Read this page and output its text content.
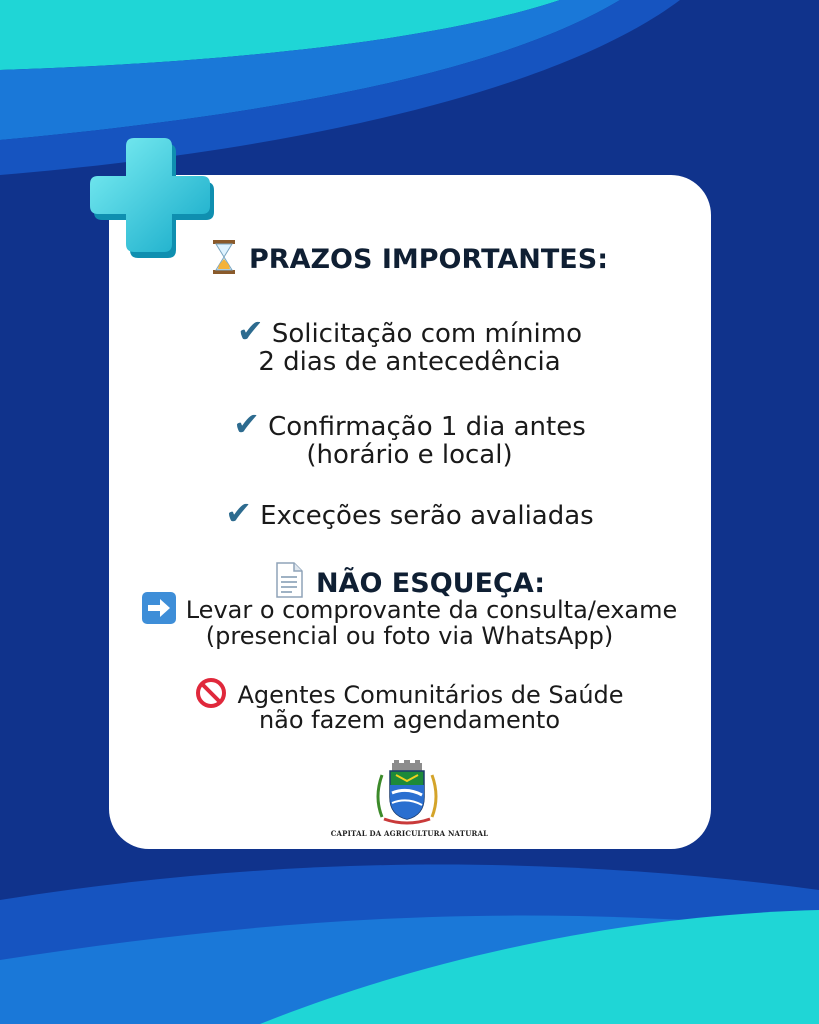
PRAZOS IMPORTANTES:
✔ Solicitação com mínimo
2 dias de antecedência
✔ Confirmação 1 dia antes
(horário e local)
✔ Exceções serão avaliadas
NÃO ESQUEÇA:
Levar o comprovante da consulta/exame
(presencial ou foto via WhatsApp)
Agentes Comunitários de Saúde
não fazem agendamento
CAPITAL DA AGRICULTURA NATURAL
